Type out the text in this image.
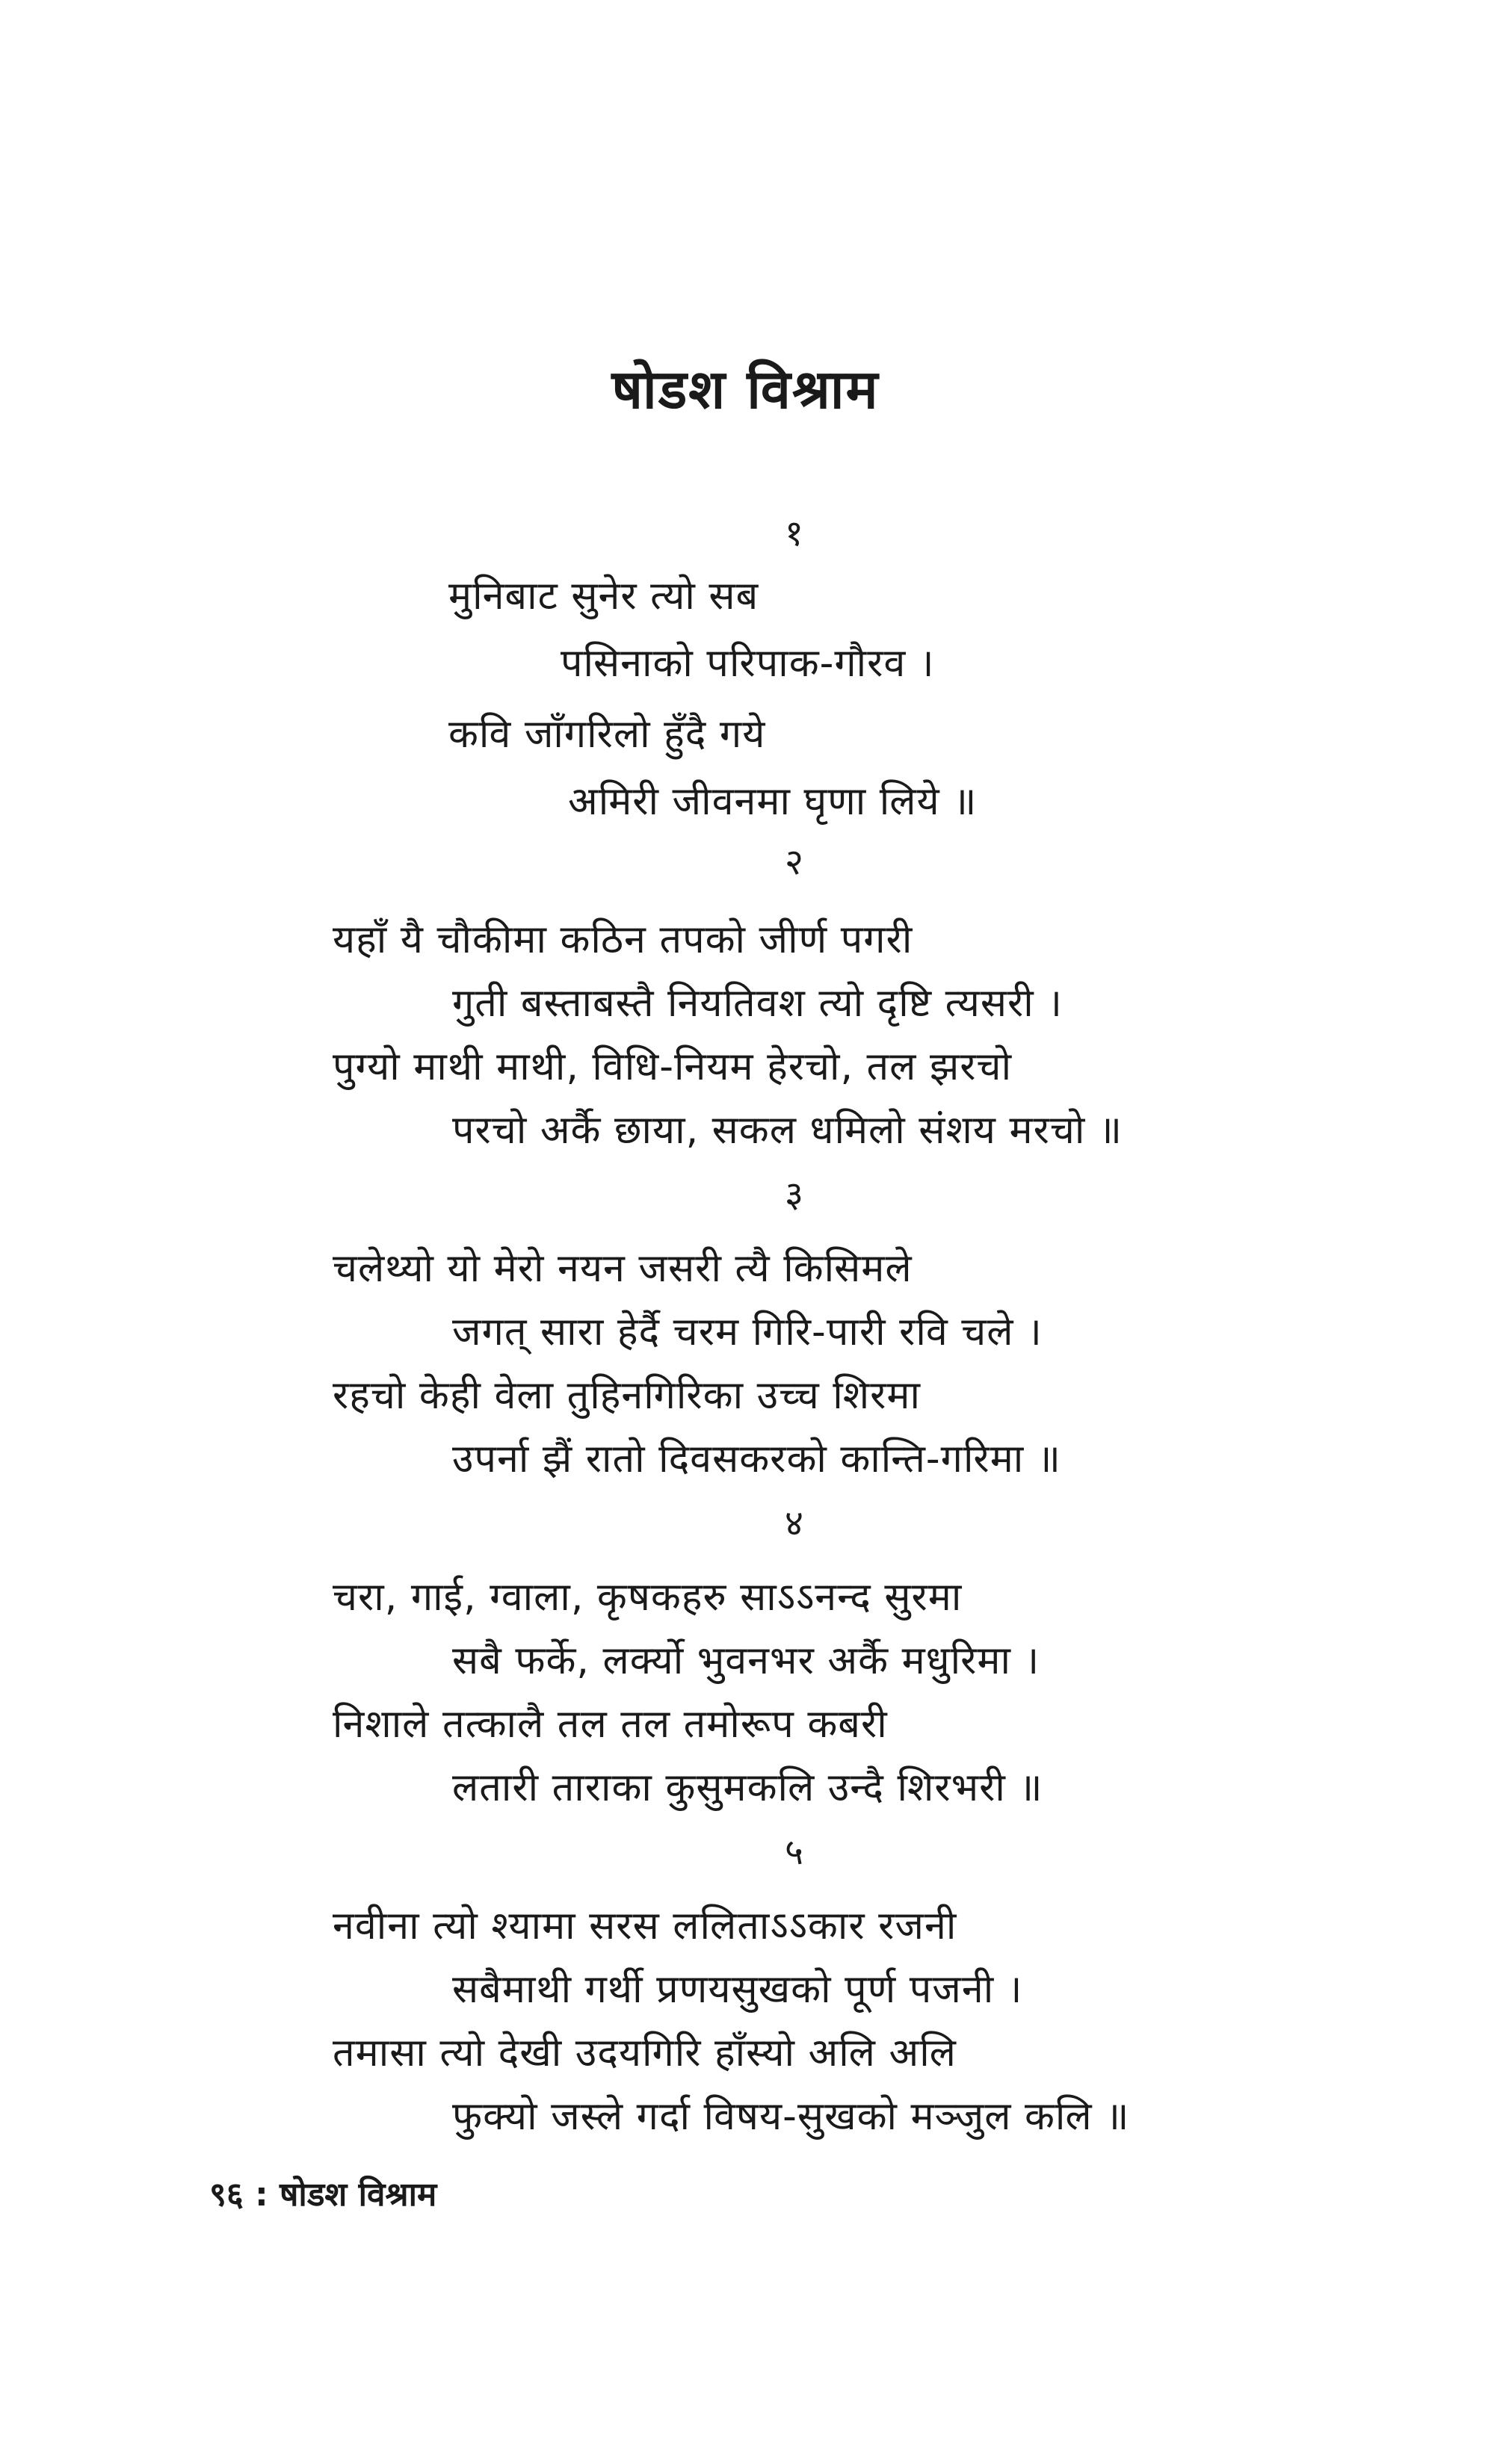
षोडश विश्राम
१
मुनिबाट सुनेर त्यो सब
पसिनाको परिपाक-गौरव ।
कवि जाँगरिलो हुँदै गये
अमिरी जीवनमा घृणा लिये ॥
२
यहाँ यै चौकीमा कठिन तपको जीर्ण पगरी
गुती बस्ताबस्तै नियतिवश त्यो दृष्टि त्यसरी ।
पुग्यो माथी माथी, विधि-नियम हेरचो, तल झरचो
परचो अर्कै छाया, सकल धमिलो संशय मरचो ॥
३
चलेथ्यो यो मेरो नयन जसरी त्यै किसिमले
जगत् सारा हेर्दै चरम गिरि-पारी रवि चले ।
रहचो केही वेला तुहिनगिरिका उच्च शिरमा
उपर्ना झैं रातो दिवसकरको कान्ति-गरिमा ॥
४
चरा, गाई, ग्वाला, कृषकहरु साऽऽनन्द सुरमा
सबै फर्के, लर्क्यो भुवनभर अर्कै मधुरिमा ।
निशाले तत्कालै तल तल तमोरूप कबरी
लतारी ताराका कुसुमकलि उन्दै शिरभरी ॥
५
नवीना त्यो श्यामा सरस ललिताऽऽकार रजनी
सबैमाथी गर्थी प्रणयसुखको पूर्ण पजनी ।
तमासा त्यो देखी उदयगिरि हाँस्यो अलि अलि
फुक्यो जस्ले गर्दा विषय-सुखको मञ्जुल कलि ॥
९६ : षोडश विश्राम
